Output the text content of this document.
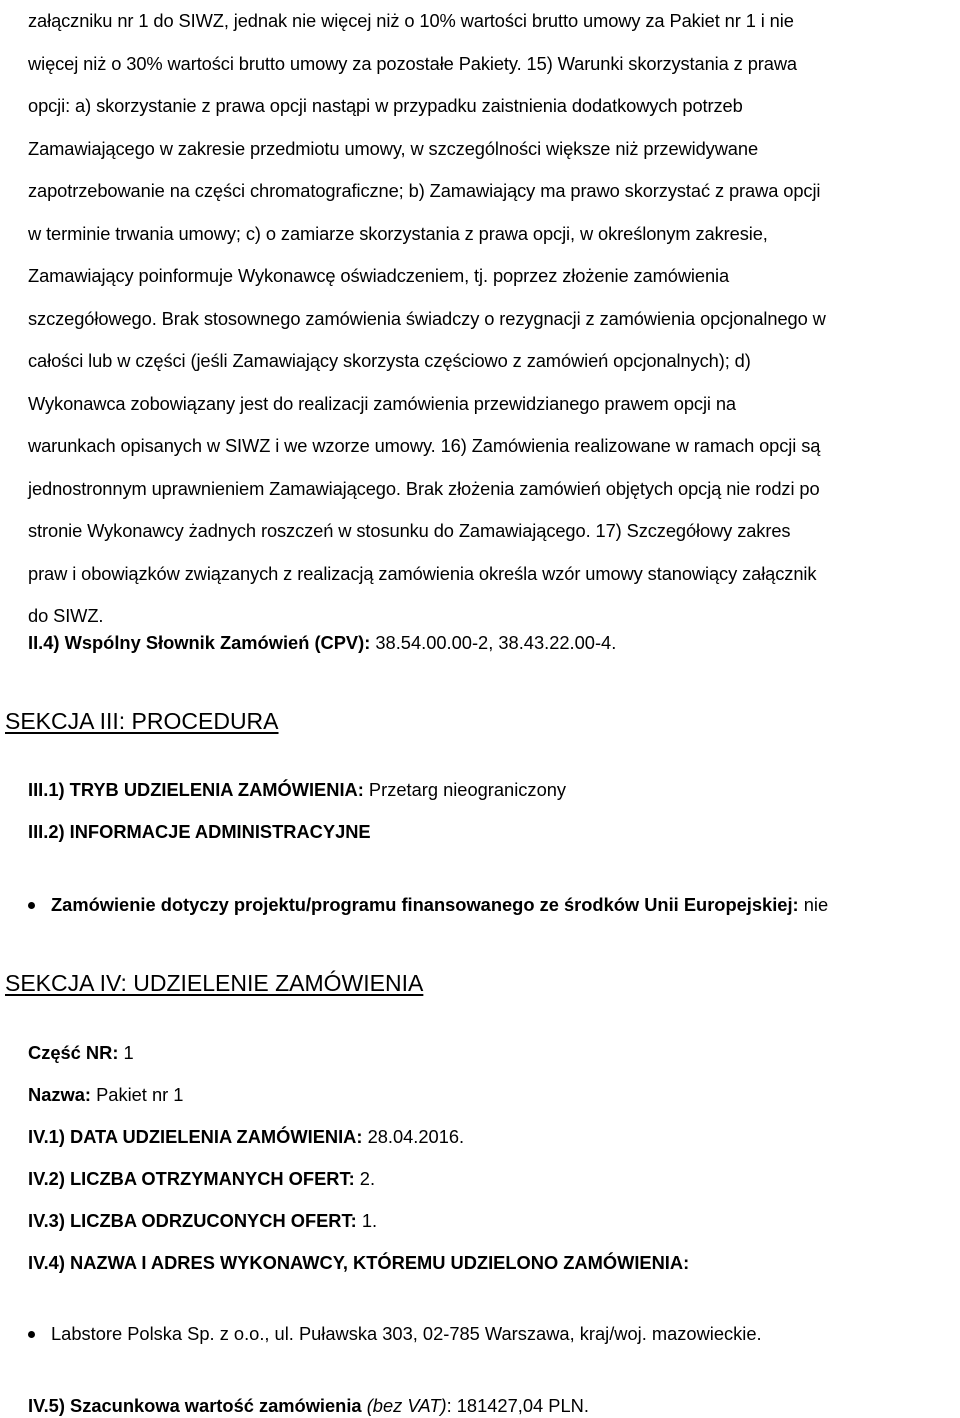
załączniku nr 1 do SIWZ, jednak nie więcej niż o 10% wartości brutto umowy za Pakiet nr 1 i nie
więcej niż o 30% wartości brutto umowy za pozostałe Pakiety. 15) Warunki skorzystania z prawa
opcji: a) skorzystanie z prawa opcji nastąpi w przypadku zaistnienia dodatkowych potrzeb
Zamawiającego w zakresie przedmiotu umowy, w szczególności większe niż przewidywane
zapotrzebowanie na części chromatograficzne; b) Zamawiający ma prawo skorzystać z prawa opcji
w terminie trwania umowy; c) o zamiarze skorzystania z prawa opcji, w określonym zakresie,
Zamawiający poinformuje Wykonawcę oświadczeniem, tj. poprzez złożenie zamówienia
szczegółowego. Brak stosownego zamówienia świadczy o rezygnacji z zamówienia opcjonalnego w
całości lub w części (jeśli Zamawiający skorzysta częściowo z zamówień opcjonalnych); d)
Wykonawca zobowiązany jest do realizacji zamówienia przewidzianego prawem opcji na
warunkach opisanych w SIWZ i we wzorze umowy. 16) Zamówienia realizowane w ramach opcji są
jednostronnym uprawnieniem Zamawiającego. Brak złożenia zamówień objętych opcją nie rodzi po
stronie Wykonawcy żadnych roszczeń w stosunku do Zamawiającego. 17) Szczegółowy zakres
praw i obowiązków związanych z realizacją zamówienia określa wzór umowy stanowiący załącznik
do SIWZ.
II.4) Wspólny Słownik Zamówień (CPV): 38.54.00.00-2, 38.43.22.00-4.
SEKCJA III: PROCEDURA
III.1) TRYB UDZIELENIA ZAMÓWIENIA: Przetarg nieograniczony
III.2) INFORMACJE ADMINISTRACYJNE
Zamówienie dotyczy projektu/programu finansowanego ze środków Unii Europejskiej: nie
SEKCJA IV: UDZIELENIE ZAMÓWIENIA
Część NR: 1
Nazwa: Pakiet nr 1
IV.1) DATA UDZIELENIA ZAMÓWIENIA: 28.04.2016.
IV.2) LICZBA OTRZYMANYCH OFERT: 2.
IV.3) LICZBA ODRZUCONYCH OFERT: 1.
IV.4) NAZWA I ADRES WYKONAWCY, KTÓREMU UDZIELONO ZAMÓWIENIA:
Labstore Polska Sp. z o.o., ul. Puławska 303, 02-785 Warszawa, kraj/woj. mazowieckie.
IV.5) Szacunkowa wartość zamówienia (bez VAT): 181427,04 PLN.
